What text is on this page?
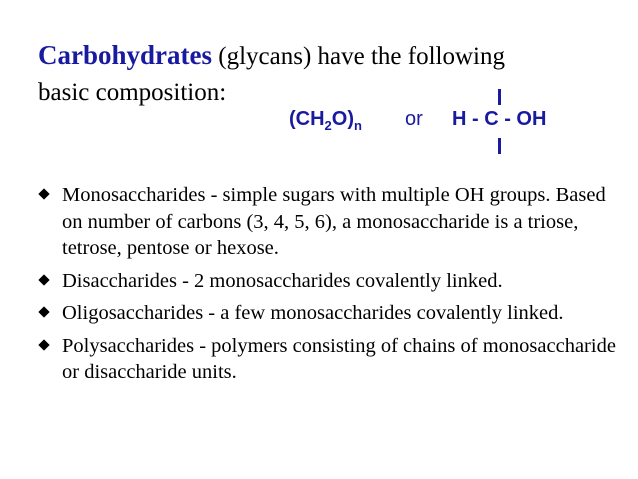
Carbohydrates (glycans) have the following
basic composition:
$(CH_2O)_n$ or H - C - OH
Monosaccharides - simple sugars with multiple OH groups. Based on number of carbons (3, 4, 5, 6), a monosaccharide is a triose, tetrose, pentose or hexose.
Disaccharides - 2 monosaccharides covalently linked.
Oligosaccharides - a few monosaccharides covalently linked.
Polysaccharides - polymers consisting of chains of monosaccharide or disaccharide units.
